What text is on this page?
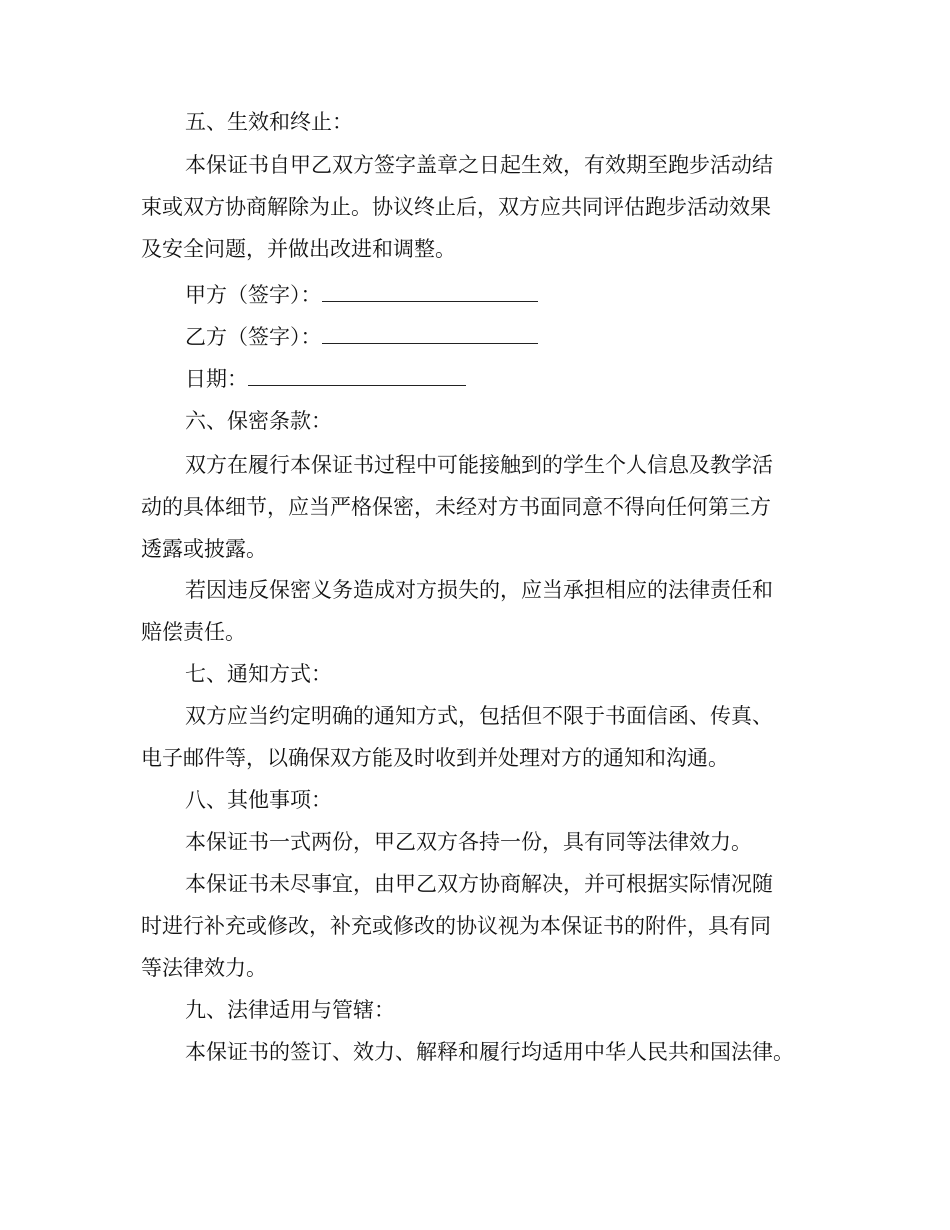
五、生效和终止：
本保证书自甲乙双方签字盖章之日起生效，有效期至跑步活动结
束或双方协商解除为止。协议终止后，双方应共同评估跑步活动效果
及安全问题，并做出改进和调整。
甲方（签字）：
乙方（签字）：
日期：
六、保密条款：
双方在履行本保证书过程中可能接触到的学生个人信息及教学活
动的具体细节，应当严格保密，未经对方书面同意不得向任何第三方
透露或披露。
若因违反保密义务造成对方损失的，应当承担相应的法律责任和
赔偿责任。
七、通知方式：
双方应当约定明确的通知方式，包括但不限于书面信函、传真、
电子邮件等，以确保双方能及时收到并处理对方的通知和沟通。
八、其他事项：
本保证书一式两份，甲乙双方各持一份，具有同等法律效力。
本保证书未尽事宜，由甲乙双方协商解决，并可根据实际情况随
时进行补充或修改，补充或修改的协议视为本保证书的附件，具有同
等法律效力。
九、法律适用与管辖：
本保证书的签订、效力、解释和履行均适用中华人民共和国法律。
